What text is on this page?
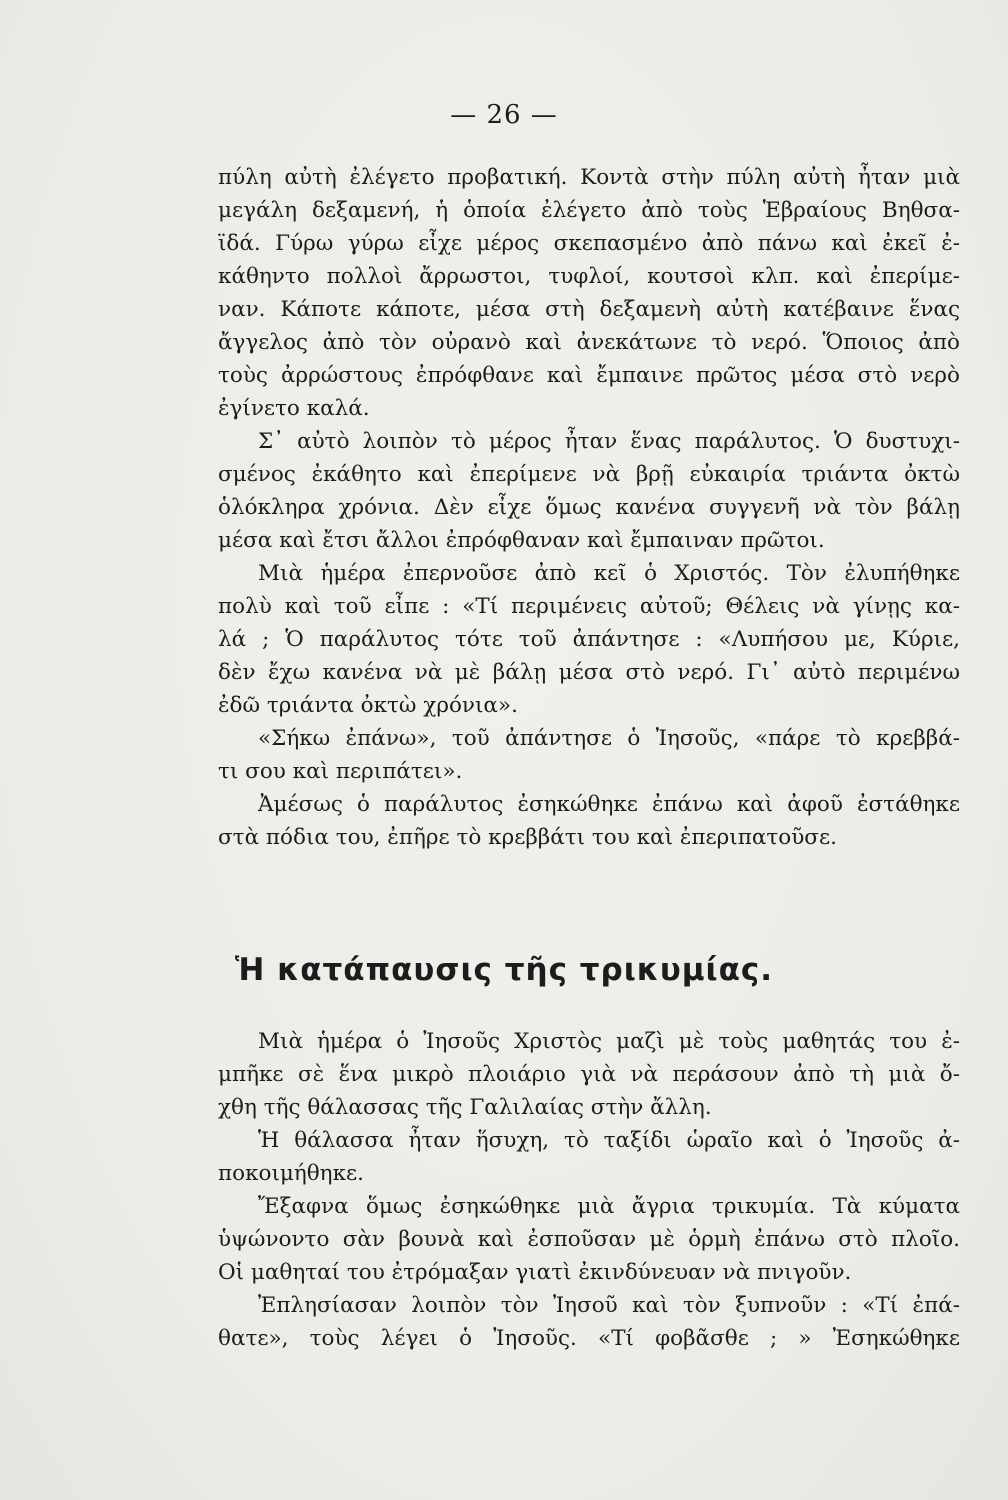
— 26 —
πύλη αὐτὴ ἐλέγετο προβατική. Κοντὰ στὴν πύλη αὐτὴ ἦταν μιὰ
μεγάλη δεξαμενή, ἡ ὁποία ἐλέγετο ἀπὸ τοὺς Ἑβραίους Βηθσα-
ϊδά. Γύρω γύρω εἶχε μέρος σκεπασμένο ἀπὸ πάνω καὶ ἐκεῖ ἐ-
κάθηντο πολλοὶ ἄρρωστοι, τυφλοί, κουτσοὶ κλπ. καὶ ἐπερίμε-
ναν. Κάποτε κάποτε, μέσα στὴ δεξαμενὴ αὐτὴ κατέβαινε ἕνας
ἄγγελος ἀπὸ τὸν οὐρανὸ καὶ ἀνεκάτωνε τὸ νερό. Ὅποιος ἀπὸ
τοὺς ἀρρώστους ἐπρόφθανε καὶ ἔμπαινε πρῶτος μέσα στὸ νερὸ
ἐγίνετο καλά.
Σ᾿ αὐτὸ λοιπὸν τὸ μέρος ἦταν ἕνας παράλυτος. Ὁ δυστυχι-
σμένος ἐκάθητο καὶ ἐπερίμενε νὰ βρῇ εὐκαιρία τριάντα ὀκτὼ
ὁλόκληρα χρόνια. Δὲν εἶχε ὅμως κανένα συγγενῆ νὰ τὸν βάλῃ
μέσα καὶ ἔτσι ἄλλοι ἐπρόφθαναν καὶ ἔμπαιναν πρῶτοι.
Μιὰ ἡμέρα ἐπερνοῦσε ἀπὸ κεῖ ὁ Χριστός. Τὸν ἐλυπήθηκε
πολὺ καὶ τοῦ εἶπε : «Τί περιμένεις αὐτοῦ; Θέλεις νὰ γίνῃς κα-
λά ; Ὁ παράλυτος τότε τοῦ ἀπάντησε : «Λυπήσου με, Κύριε,
δὲν ἔχω κανένα νὰ μὲ βάλῃ μέσα στὸ νερό. Γι᾿ αὐτὸ περιμένω
ἐδῶ τριάντα ὀκτὼ χρόνια».
«Σήκω ἐπάνω», τοῦ ἀπάντησε ὁ Ἰησοῦς, «πάρε τὸ κρεββά-
τι σου καὶ περιπάτει».
Ἀμέσως ὁ παράλυτος ἐσηκώθηκε ἐπάνω καὶ ἀφοῦ ἐστάθηκε
στὰ πόδια του, ἐπῆρε τὸ κρεββάτι του καὶ ἐπεριπατοῦσε.
Ἡ κατάπαυσις τῆς τρικυμίας.
Μιὰ ἡμέρα ὁ Ἰησοῦς Χριστὸς μαζὶ μὲ τοὺς μαθητάς του ἐ-
μπῆκε σὲ ἕνα μικρὸ πλοιάριο γιὰ νὰ περάσουν ἀπὸ τὴ μιὰ ὄ-
χθη τῆς θάλασσας τῆς Γαλιλαίας στὴν ἄλλη.
Ἡ θάλασσα ἦταν ἥσυχη, τὸ ταξίδι ὡραῖο καὶ ὁ Ἰησοῦς ἀ-
ποκοιμήθηκε.
Ἔξαφνα ὅμως ἐσηκώθηκε μιὰ ἄγρια τρικυμία. Τὰ κύματα
ὑψώνοντο σὰν βουνὰ καὶ ἐσποῦσαν μὲ ὁρμὴ ἐπάνω στὸ πλοῖο.
Οἱ μαθηταί του ἐτρόμαξαν γιατὶ ἐκινδύνευαν νὰ πνιγοῦν.
Ἐπλησίασαν λοιπὸν τὸν Ἰησοῦ καὶ τὸν ξυπνοῦν : «Τί ἐπά-
θατε», τοὺς λέγει ὁ Ἰησοῦς. «Τί φοβᾶσθε ; » Ἐσηκώθηκε
